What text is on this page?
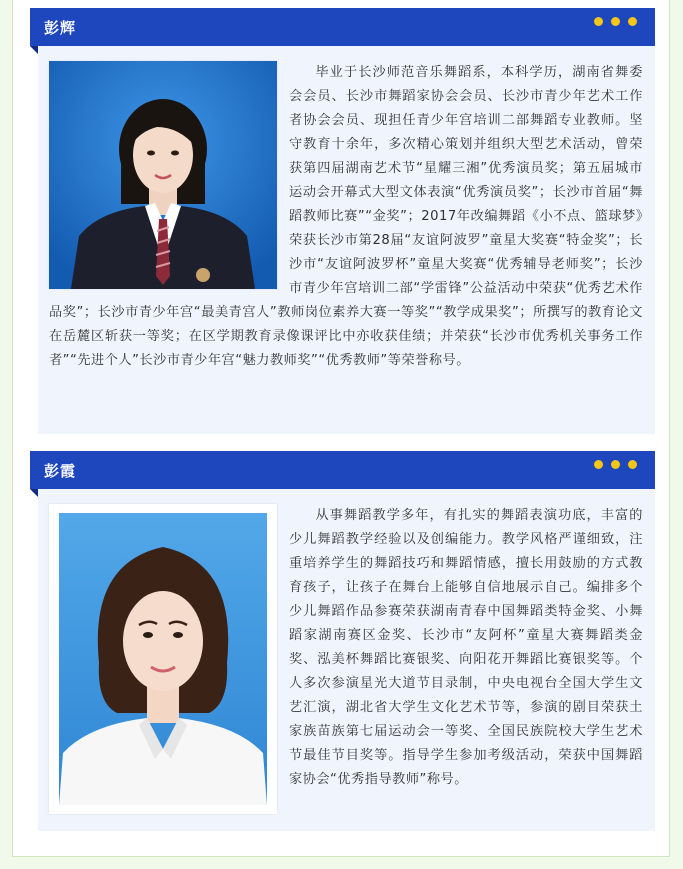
彭辉

毕业于长沙师范音乐舞蹈系，本科学历，湖南省舞委会会员、长沙市舞蹈家协会会员、长沙市青少年艺术工作者协会会员、现担任青少年宫培训二部舞蹈专业教师。坚守教育十余年，多次精心策划并组织大型艺术活动，曾荣获第四届湖南艺术节“星耀三湘”优秀演员奖；第五届城市运动会开幕式大型文体表演“优秀演员奖”；长沙市首届“舞蹈教师比赛”“金奖”；2017年改编舞蹈《小不点、篮球梦》荣获长沙市第28届“友谊阿波罗”童星大奖赛“特金奖”；长沙市“友谊阿波罗杯”童星大奖赛“优秀辅导老师奖”；长沙市青少年宫培训二部“学雷锋”公益活动中荣获“优秀艺术作品奖”；长沙市青少年宫“最美青宫人”教师岗位素养大赛一等奖”“教学成果奖”；所撰写的教育论文在岳麓区斩获一等奖；在区学期教育录像课评比中亦收获佳绩；并荣获“长沙市优秀机关事务工作者”“先进个人”长沙市青少年宫“魅力教师奖”“优秀教师”等荣誉称号。

彭霞

从事舞蹈教学多年，有扎实的舞蹈表演功底，丰富的少儿舞蹈教学经验以及创编能力。教学风格严谨细致，注重培养学生的舞蹈技巧和舞蹈情感，擅长用鼓励的方式教育孩子，让孩子在舞台上能够自信地展示自己。编排多个少儿舞蹈作品参赛荣获湖南青春中国舞蹈类特金奖、小舞蹈家湖南赛区金奖、长沙市“友阿杯”童星大赛舞蹈类金奖、泓美杯舞蹈比赛银奖、向阳花开舞蹈比赛银奖等。个人多次参演星光大道节目录制，中央电视台全国大学生文艺汇演，湖北省大学生文化艺术节等，参演的剧目荣获土家族苗族第七届运动会一等奖、全国民族院校大学生艺术节最佳节目奖等。指导学生参加考级活动，荣获中国舞蹈家协会“优秀指导教师”称号。
